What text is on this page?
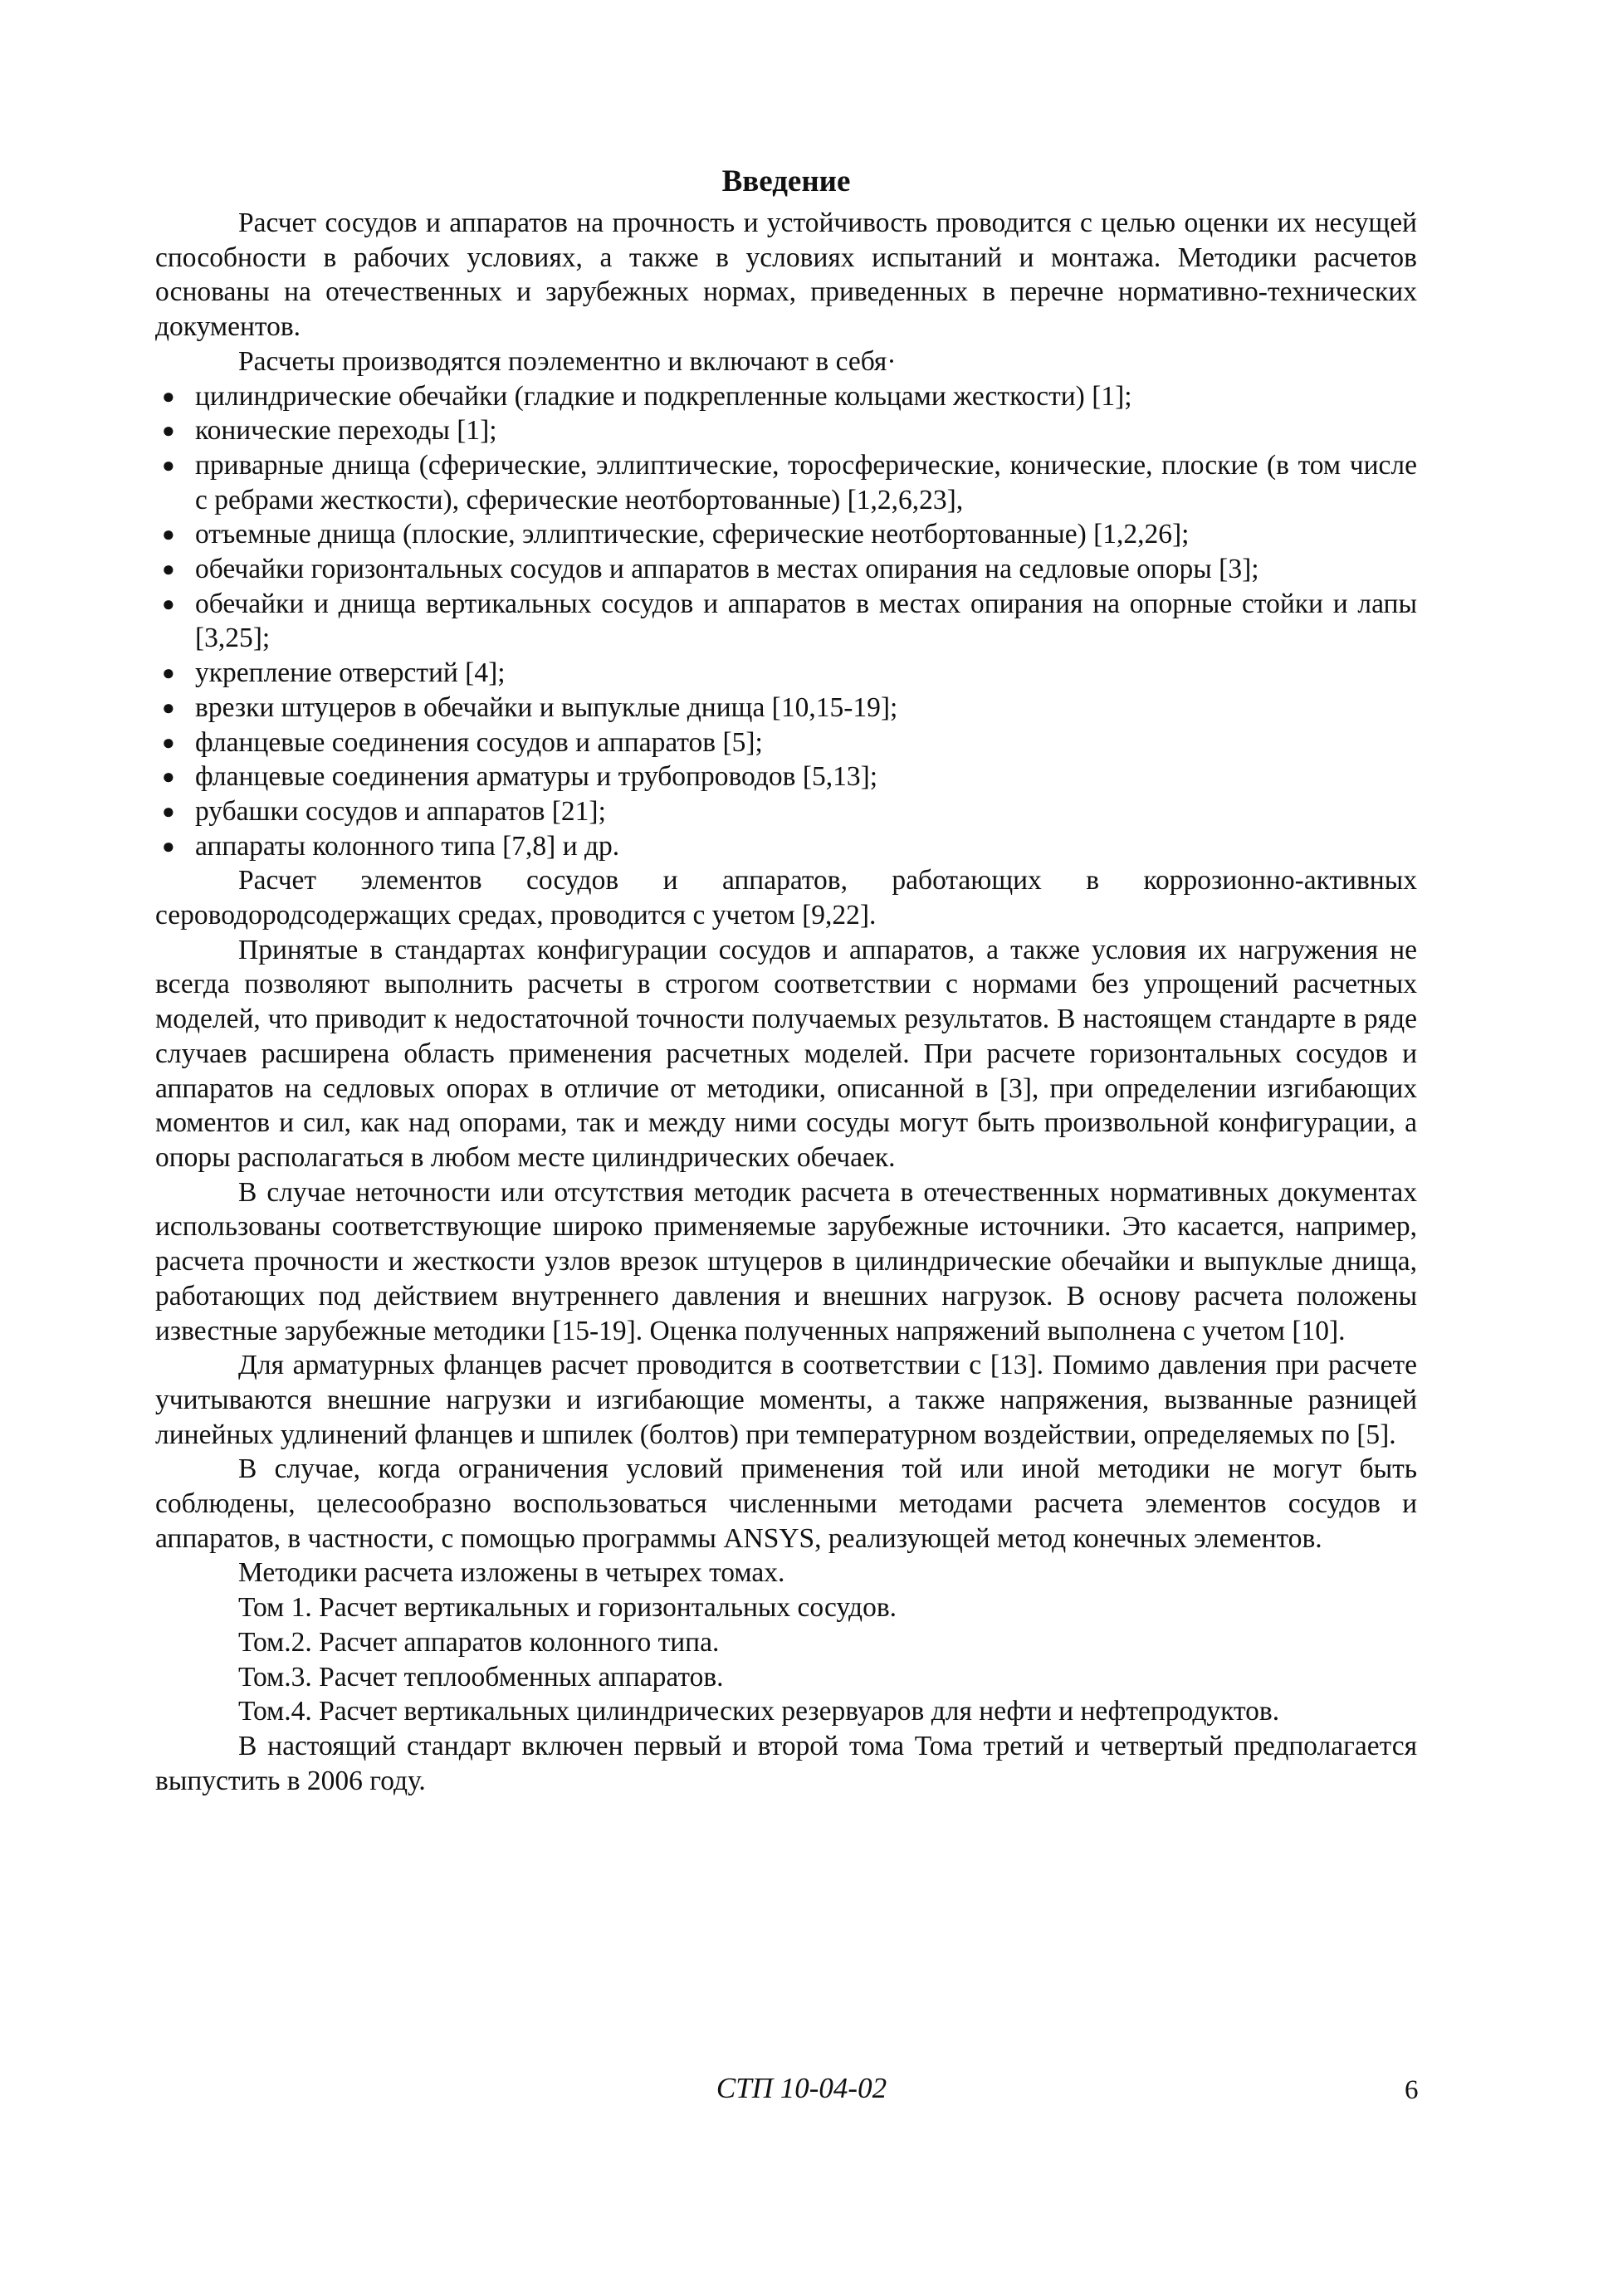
Введение

Расчет сосудов и аппаратов на прочность и устойчивость проводится с целью оценки их несущей способности в рабочих условиях, а также в условиях испытаний и монтажа. Методики расчетов основаны на отечественных и зарубежных нормах, приведенных в перечне нормативно-технических документов.

Расчеты производятся поэлементно и включают в себя·

● цилиндрические обечайки (гладкие и подкрепленные кольцами жесткости) [1];
● конические переходы [1];
● приварные днища (сферические, эллиптические, торосферические, конические, плоские (в том числе с ребрами жесткости), сферические неотбортованные) [1,2,6,23],
● отъемные днища (плоские, эллиптические, сферические неотбортованные) [1,2,26];
● обечайки горизонтальных сосудов и аппаратов в местах опирания на седловые опоры [3];
● обечайки и днища вертикальных сосудов и аппаратов в местах опирания на опорные стойки и лапы [3,25];
● укрепление отверстий [4];
● врезки штуцеров в обечайки и выпуклые днища [10,15-19];
● фланцевые соединения сосудов и аппаратов [5];
● фланцевые соединения арматуры и трубопроводов [5,13];
● рубашки сосудов и аппаратов [21];
● аппараты колонного типа [7,8] и др.

Расчет элементов сосудов и аппаратов, работающих в коррозионно-активных сероводородсодержащих средах, проводится с учетом [9,22].

Принятые в стандартах конфигурации сосудов и аппаратов, а также условия их нагружения не всегда позволяют выполнить расчеты в строгом соответствии с нормами без упрощений расчетных моделей, что приводит к недостаточной точности получаемых результатов. В настоящем стандарте в ряде случаев расширена область применения расчетных моделей. При расчете горизонтальных сосудов и аппаратов на седловых опорах в отличие от методики, описанной в [3], при определении изгибающих моментов и сил, как над опорами, так и между ними сосуды могут быть произвольной конфигурации, а опоры располагаться в любом месте цилиндрических обечаек.

В случае неточности или отсутствия методик расчета в отечественных нормативных документах использованы соответствующие широко применяемые зарубежные источники. Это касается, например, расчета прочности и жесткости узлов врезок штуцеров в цилиндрические обечайки и выпуклые днища, работающих под действием внутреннего давления и внешних нагрузок. В основу расчета положены известные зарубежные методики [15-19]. Оценка полученных напряжений выполнена с учетом [10].

Для арматурных фланцев расчет проводится в соответствии с [13]. Помимо давления при расчете учитываются внешние нагрузки и изгибающие моменты, а также напряжения, вызванные разницей линейных удлинений фланцев и шпилек (болтов) при температурном воздействии, определяемых по [5].

В случае, когда ограничения условий применения той или иной методики не могут быть соблюдены, целесообразно воспользоваться численными методами расчета элементов сосудов и аппаратов, в частности, с помощью программы ANSYS, реализующей метод конечных элементов.

Методики расчета изложены в четырех томах.

Том 1. Расчет вертикальных и горизонтальных сосудов.

Том.2. Расчет аппаратов колонного типа.

Том.3. Расчет теплообменных аппаратов.

Том.4. Расчет вертикальных цилиндрических резервуаров для нефти и нефтепродуктов.

В настоящий стандарт включен первый и второй тома Тома третий и четвертый предполагается выпустить в 2006 году.

СТП 10-04-02	6
